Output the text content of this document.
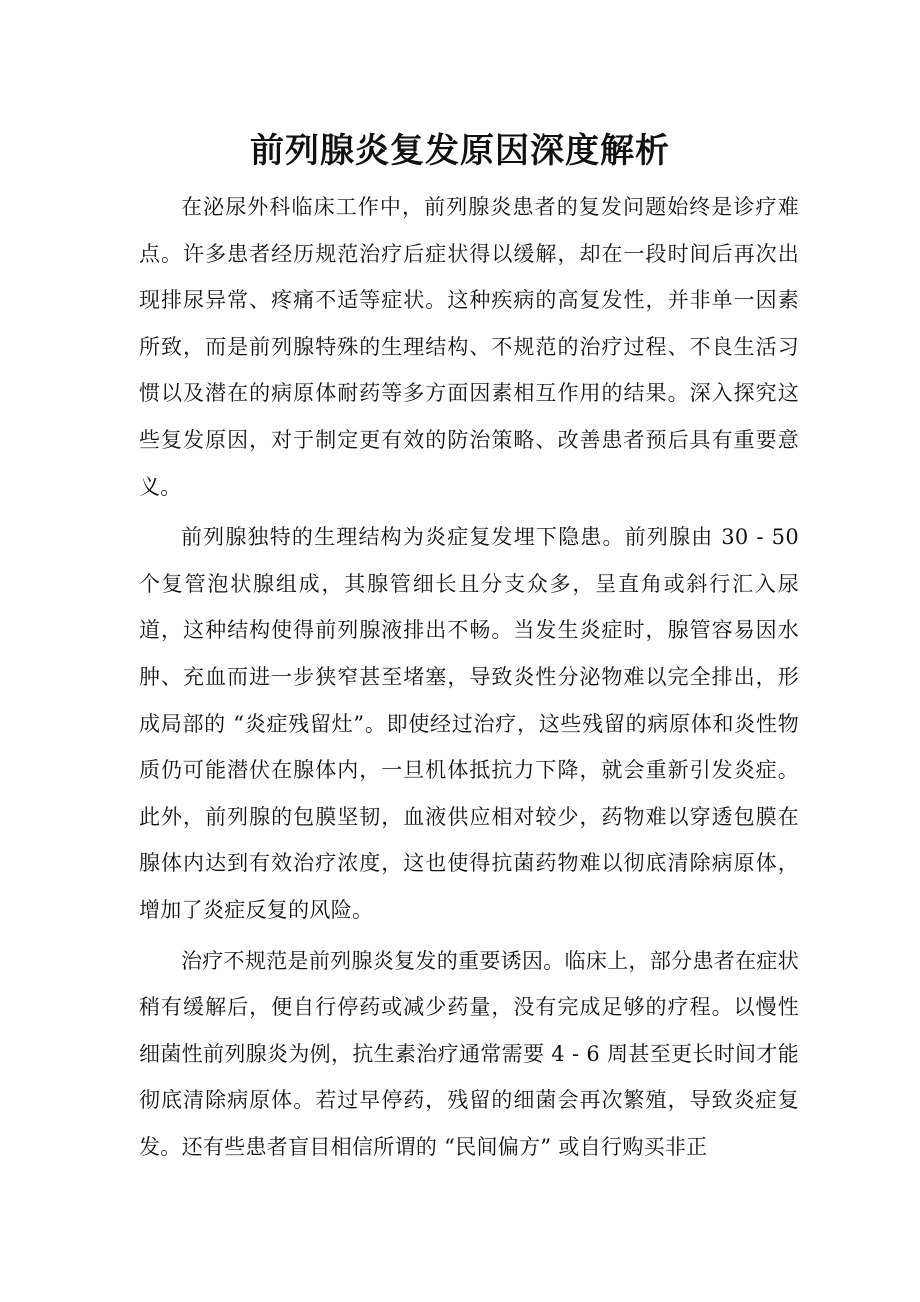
前列腺炎复发原因深度解析

在泌尿外科临床工作中，前列腺炎患者的复发问题始终是诊疗难点。许多患者经历规范治疗后症状得以缓解，却在一段时间后再次出现排尿异常、疼痛不适等症状。这种疾病的高复发性，并非单一因素所致，而是前列腺特殊的生理结构、不规范的治疗过程、不良生活习惯以及潜在的病原体耐药等多方面因素相互作用的结果。深入探究这些复发原因，对于制定更有效的防治策略、改善患者预后具有重要意义。

前列腺独特的生理结构为炎症复发埋下隐患。前列腺由 30 - 50 个复管泡状腺组成，其腺管细长且分支众多，呈直角或斜行汇入尿道，这种结构使得前列腺液排出不畅。当发生炎症时，腺管容易因水肿、充血而进一步狭窄甚至堵塞，导致炎性分泌物难以完全排出，形成局部的 “炎症残留灶”。即使经过治疗，这些残留的病原体和炎性物质仍可能潜伏在腺体内，一旦机体抵抗力下降，就会重新引发炎症。此外，前列腺的包膜坚韧，血液供应相对较少，药物难以穿透包膜在腺体内达到有效治疗浓度，这也使得抗菌药物难以彻底清除病原体，增加了炎症反复的风险。

治疗不规范是前列腺炎复发的重要诱因。临床上，部分患者在症状稍有缓解后，便自行停药或减少药量，没有完成足够的疗程。以慢性细菌性前列腺炎为例，抗生素治疗通常需要 4 - 6 周甚至更长时间才能彻底清除病原体。若过早停药，残留的细菌会再次繁殖，导致炎症复发。还有些患者盲目相信所谓的 “民间偏方” 或自行购买非正
